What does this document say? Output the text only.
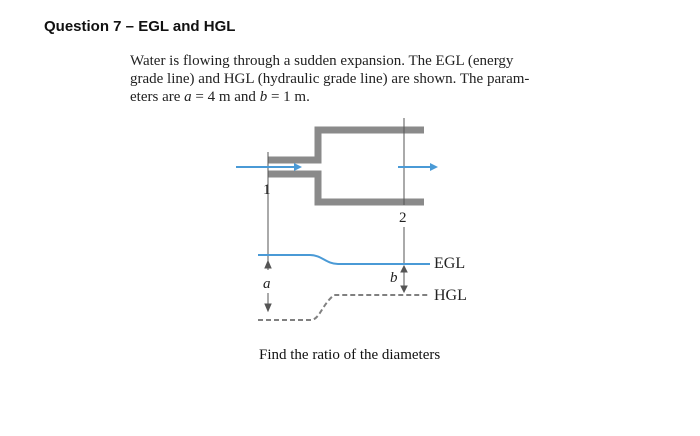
Question 7 – EGL and HGL
Water is flowing through a sudden expansion. The EGL (energy
grade line) and HGL (hydraulic grade line) are shown. The param-
eters are a = 4 m and b = 1 m.
1
2
a	b
EGL
HGL
Find the ratio of the diameters
